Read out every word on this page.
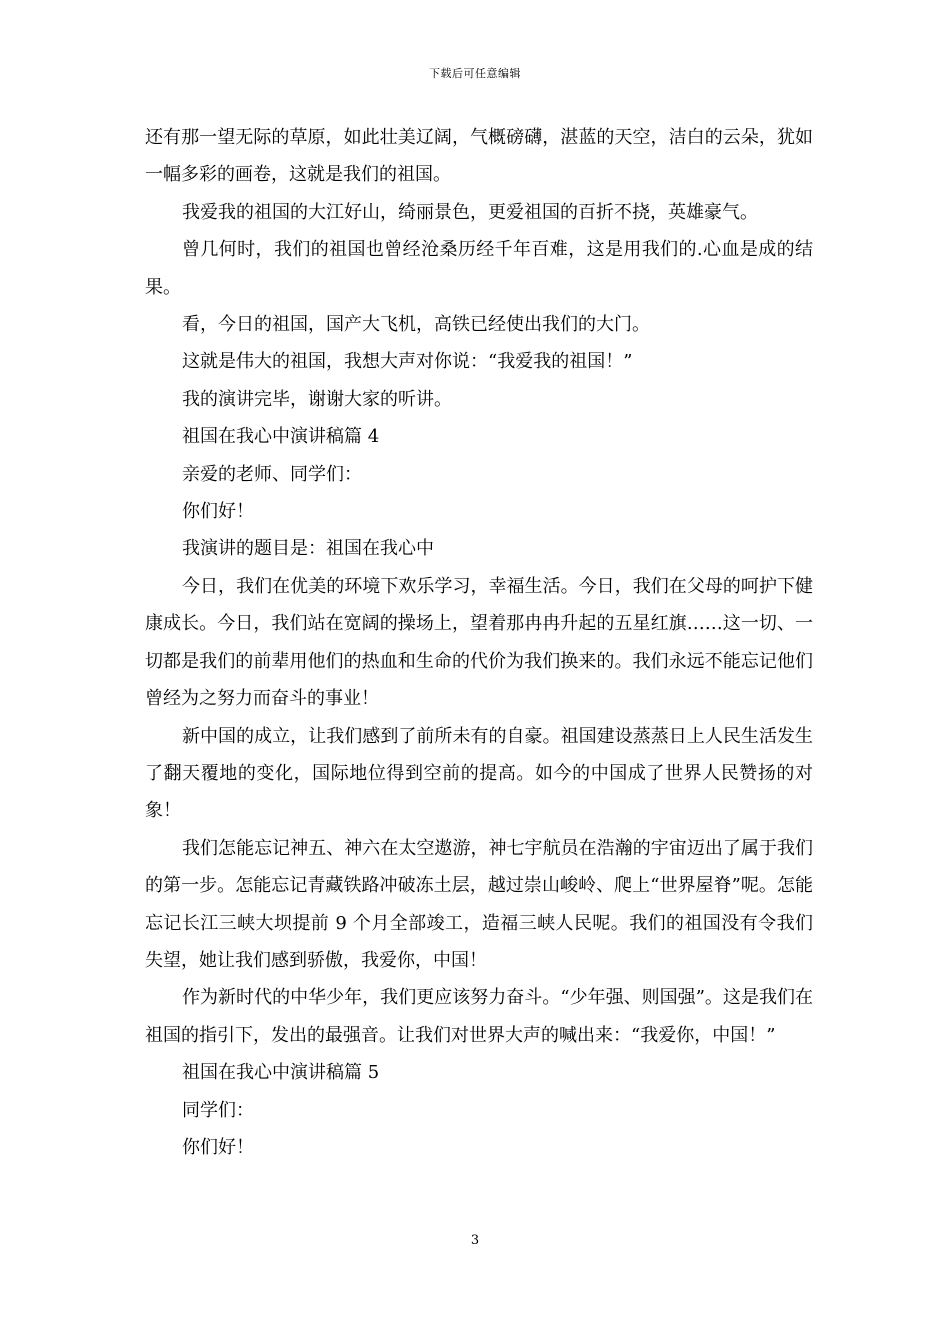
下载后可任意编辑

还有那一望无际的草原，如此壮美辽阔，气概磅礴，湛蓝的天空，洁白的云朵，犹如一幅多彩的画卷，这就是我们的祖国。

我爱我的祖国的大江好山，绮丽景色，更爱祖国的百折不挠，英雄豪气。

曾几何时，我们的祖国也曾经沧桑历经千年百难，这是用我们的.心血是成的结果。

看，今日的祖国，国产大飞机，高铁已经使出我们的大门。

这就是伟大的祖国，我想大声对你说：“我爱我的祖国！”

我的演讲完毕，谢谢大家的听讲。

祖国在我心中演讲稿篇 4

亲爱的老师、同学们：

你们好！

我演讲的题目是：祖国在我心中

今日，我们在优美的环境下欢乐学习，幸福生活。今日，我们在父母的呵护下健康成长。今日，我们站在宽阔的操场上，望着那冉冉升起的五星红旗……这一切、一切都是我们的前辈用他们的热血和生命的代价为我们换来的。我们永远不能忘记他们曾经为之努力而奋斗的事业！

新中国的成立，让我们感到了前所未有的自豪。祖国建设蒸蒸日上人民生活发生了翻天覆地的变化，国际地位得到空前的提高。如今的中国成了世界人民赞扬的对象！

我们怎能忘记神五、神六在太空遨游，神七宇航员在浩瀚的宇宙迈出了属于我们的第一步。怎能忘记青藏铁路冲破冻土层，越过崇山峻岭、爬上“世界屋脊”呢。怎能忘记长江三峡大坝提前 9 个月全部竣工，造福三峡人民呢。我们的祖国没有令我们失望，她让我们感到骄傲，我爱你，中国！

作为新时代的中华少年，我们更应该努力奋斗。“少年强、则国强”。这是我们在祖国的指引下，发出的最强音。让我们对世界大声的喊出来：“我爱你，中国！”

祖国在我心中演讲稿篇 5

同学们：

你们好！

3
